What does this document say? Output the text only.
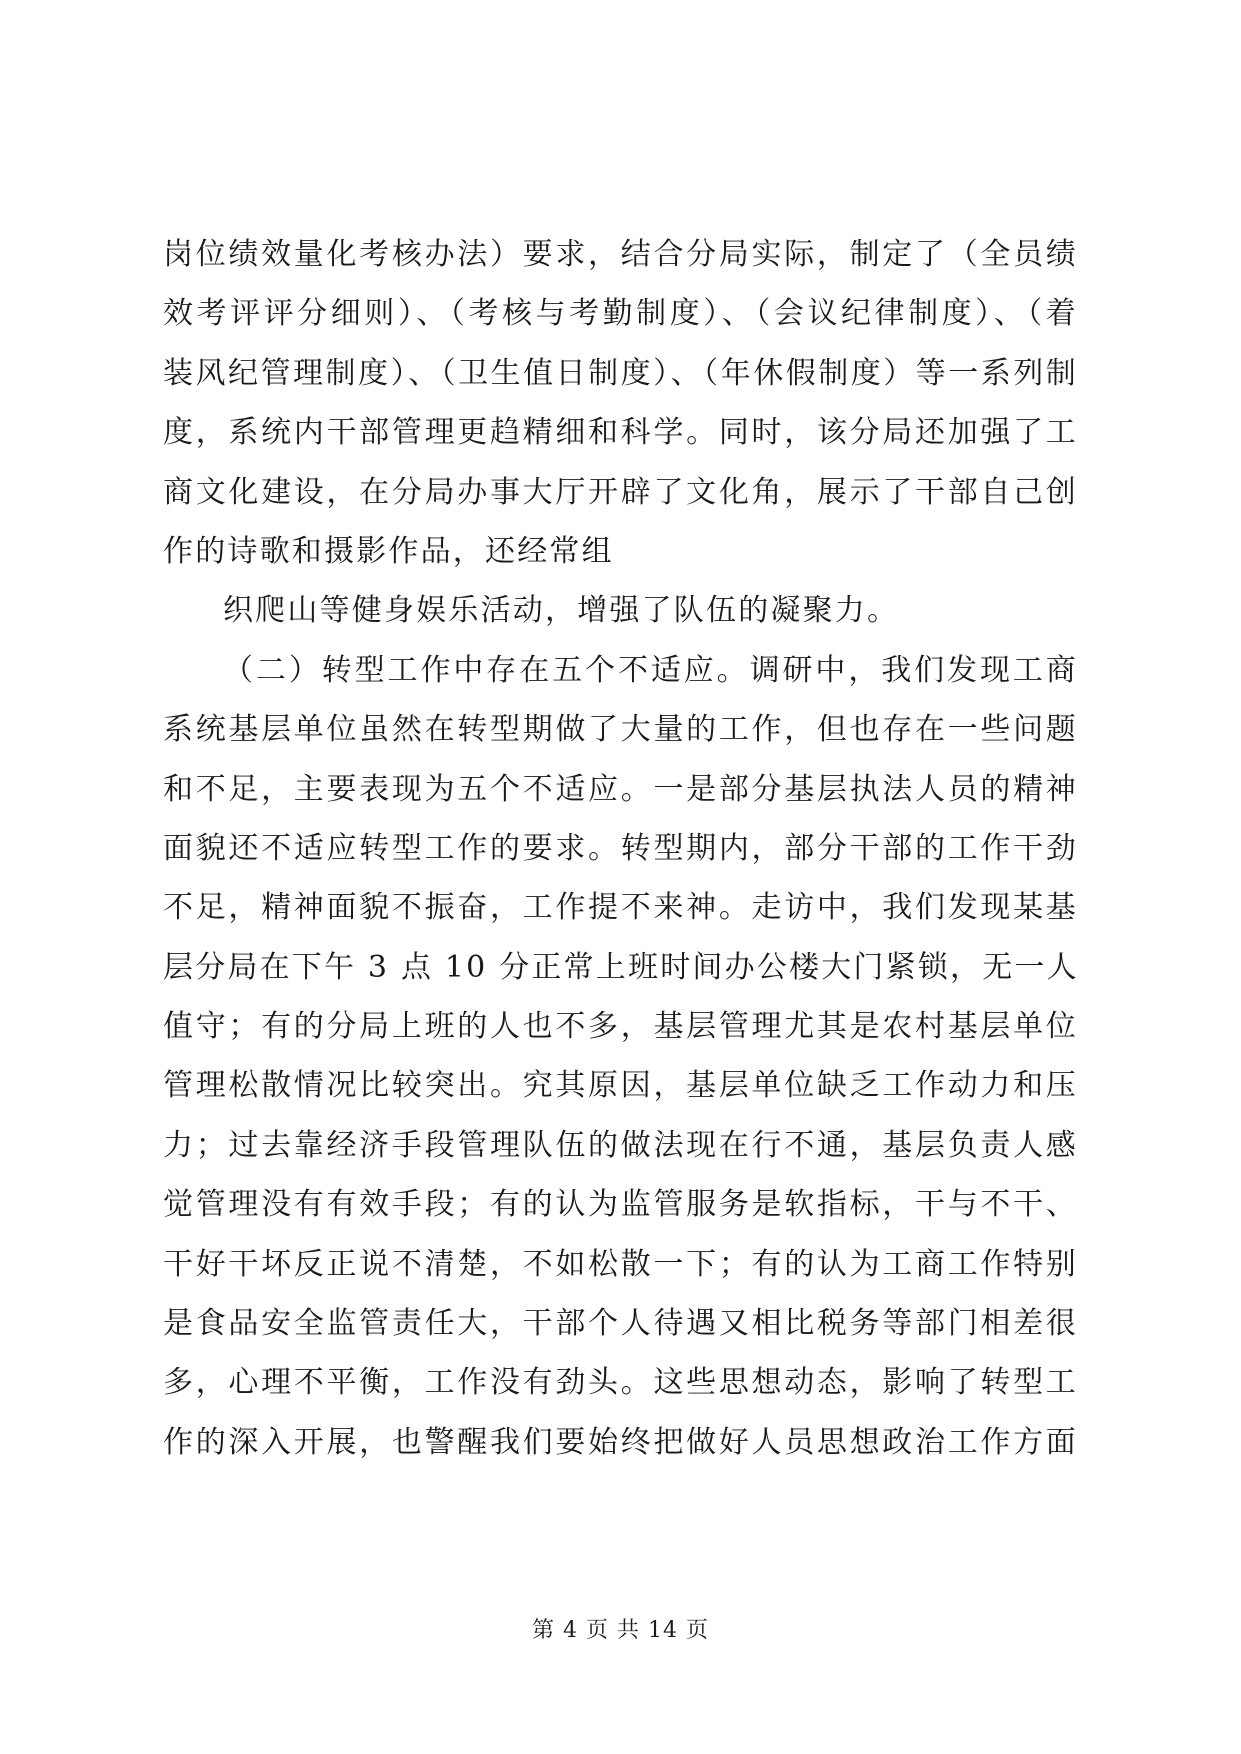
岗位绩效量化考核办法）要求，结合分局实际，制定了（全员绩
效考评评分细则）、（考核与考勤制度）、（会议纪律制度）、（着
装风纪管理制度）、（卫生值日制度）、（年休假制度）等一系列制
度，系统内干部管理更趋精细和科学。同时，该分局还加强了工
商文化建设，在分局办事大厅开辟了文化角，展示了干部自己创
作的诗歌和摄影作品，还经常组
织爬山等健身娱乐活动，增强了队伍的凝聚力。
（二）转型工作中存在五个不适应。调研中，我们发现工商
系统基层单位虽然在转型期做了大量的工作，但也存在一些问题
和不足，主要表现为五个不适应。一是部分基层执法人员的精神
面貌还不适应转型工作的要求。转型期内，部分干部的工作干劲
不足，精神面貌不振奋，工作提不来神。走访中，我们发现某基
层分局在下午 3 点 10 分正常上班时间办公楼大门紧锁，无一人
值守；有的分局上班的人也不多，基层管理尤其是农村基层单位
管理松散情况比较突出。究其原因，基层单位缺乏工作动力和压
力；过去靠经济手段管理队伍的做法现在行不通，基层负责人感
觉管理没有有效手段；有的认为监管服务是软指标，干与不干、
干好干坏反正说不清楚，不如松散一下；有的认为工商工作特别
是食品安全监管责任大，干部个人待遇又相比税务等部门相差很
多，心理不平衡，工作没有劲头。这些思想动态，影响了转型工
作的深入开展，也警醒我们要始终把做好人员思想政治工作方面
第 4 页 共 14 页
